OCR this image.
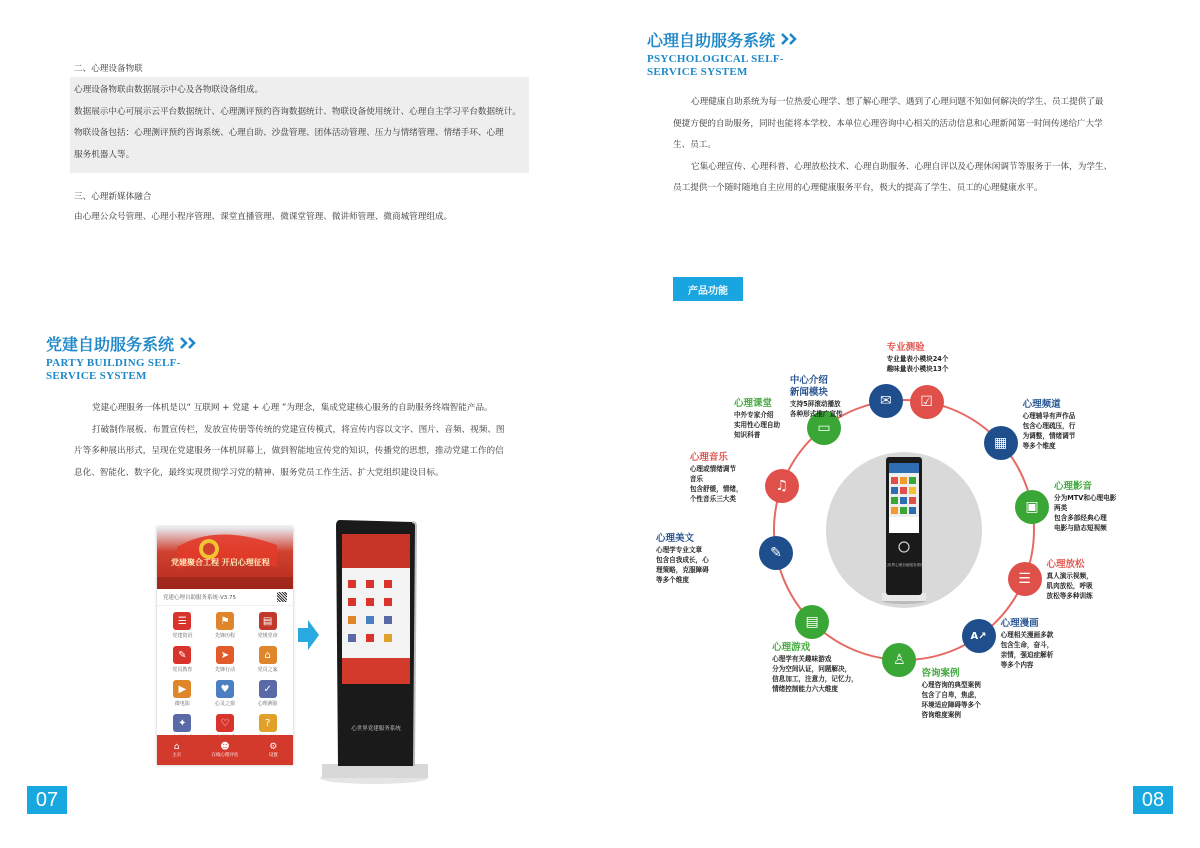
二、心理设备物联
心理设备物联由数据展示中心及各物联设备组成。
数据展示中心可展示云平台数据统计、心理测评预约咨询数据统计、物联设备使用统计、心理自主学习平台数据统计。
物联设备包括：心理测评预约咨询系统、心理自助、沙盘管理、团体活动管理、压力与情绪管理、情绪手环、心理
服务机器人等。
三、心理新媒体融合
由心理公众号管理、心理小程序管理、课堂直播管理、微课堂管理、微讲师管理、微商城管理组成。
党建自助服务系统
PARTY BUILDING SELF-
SERVICE SYSTEM
党建心理服务一体机是以“ 互联网 + 党建 + 心理 ”为理念，集成党建核心服务的自助服务终端智能产品。
打破制作展板、布置宣传栏，发放宣传册等传统的党建宣传模式，将宣传内容以文字、图片、音频、视频、图
片等多种展出形式，呈现在党建服务一体机屏幕上，做到智能地宣传党的知识，传播党的思想，推动党建工作的信
息化、智能化、数字化，最终实现贯彻学习党的精神、服务党员工作生活、扩大党组织建设目标。
党建聚合工程 开启心理征程
党建心理自助服务系统-V3.75
☰
党建资讯
⚑
先锋历程
▤
党规党章
✎
党员教育
➤
先锋行动
⌂
党员之家
▶
微电影
♥
心灵之窗
✓
心理测验
✦	♡	?
⌂
主页
☻
在线心理评估
⚙
设置
心世界党建服务系统
07
心理自助服务系统
PSYCHOLOGICAL SELF-
SERVICE SYSTEM
心理健康自助系统为每一位热爱心理学、想了解心理学、遇到了心理问题不知如何解决的学生、员工提供了最
便捷方便的自助服务，同时也能将本学校、本单位心理咨询中心相关的活动信息和心理新闻第一时间传递给广大学
生、员工。
它集心理宣传、心理科普、心理放松技术、心理自助服务、心理自评以及心理休闲调节等服务于一体，为学生、
员工提供一个随时随地自主应用的心理健康服务平台，极大的提高了学生、员工的心理健康水平。
产品功能
心世界心理自助服务系统
☑
专业测验
专业量表小模块24个
趣味量表小模块13个
▦
心理频道
心理辅导有声作品
包含心理疏压，行
为调整，情绪调节
等多个维度
▣
心理影音
分为MTV和心理电影
两类
包含多部经典心理
电影与励志短视频
☰
心理放松
真人演示视频，
肌肉放松，呼吸
放松等多种训练
A↗
心理漫画
心理相关漫画多款
包含生命，奋斗，
亲情，强迫症解析
等多个内容
♙
咨询案例
心理咨询的典型案例
包含了自卑，焦虑，
环境适应障碍等多个
咨询维度案例
▤
心理游戏
心理学有关趣味游戏
分为空间认证，问题解决，
信息加工，注意力，记忆力，
情绪控制能力六大维度
✎
心理美文
心理学专业文章
包含自我成长，心
理策略，克服障碍
等多个维度
♫
心理音乐
心理或情绪调节
音乐
包含舒缓，情绪，
个性音乐三大类
▭
心理课堂
中外专家介绍
实用性心理自助
知识科普
✉
中心介绍
新闻模块
支持5屏滚动播放
各种形式推广宣传
08
